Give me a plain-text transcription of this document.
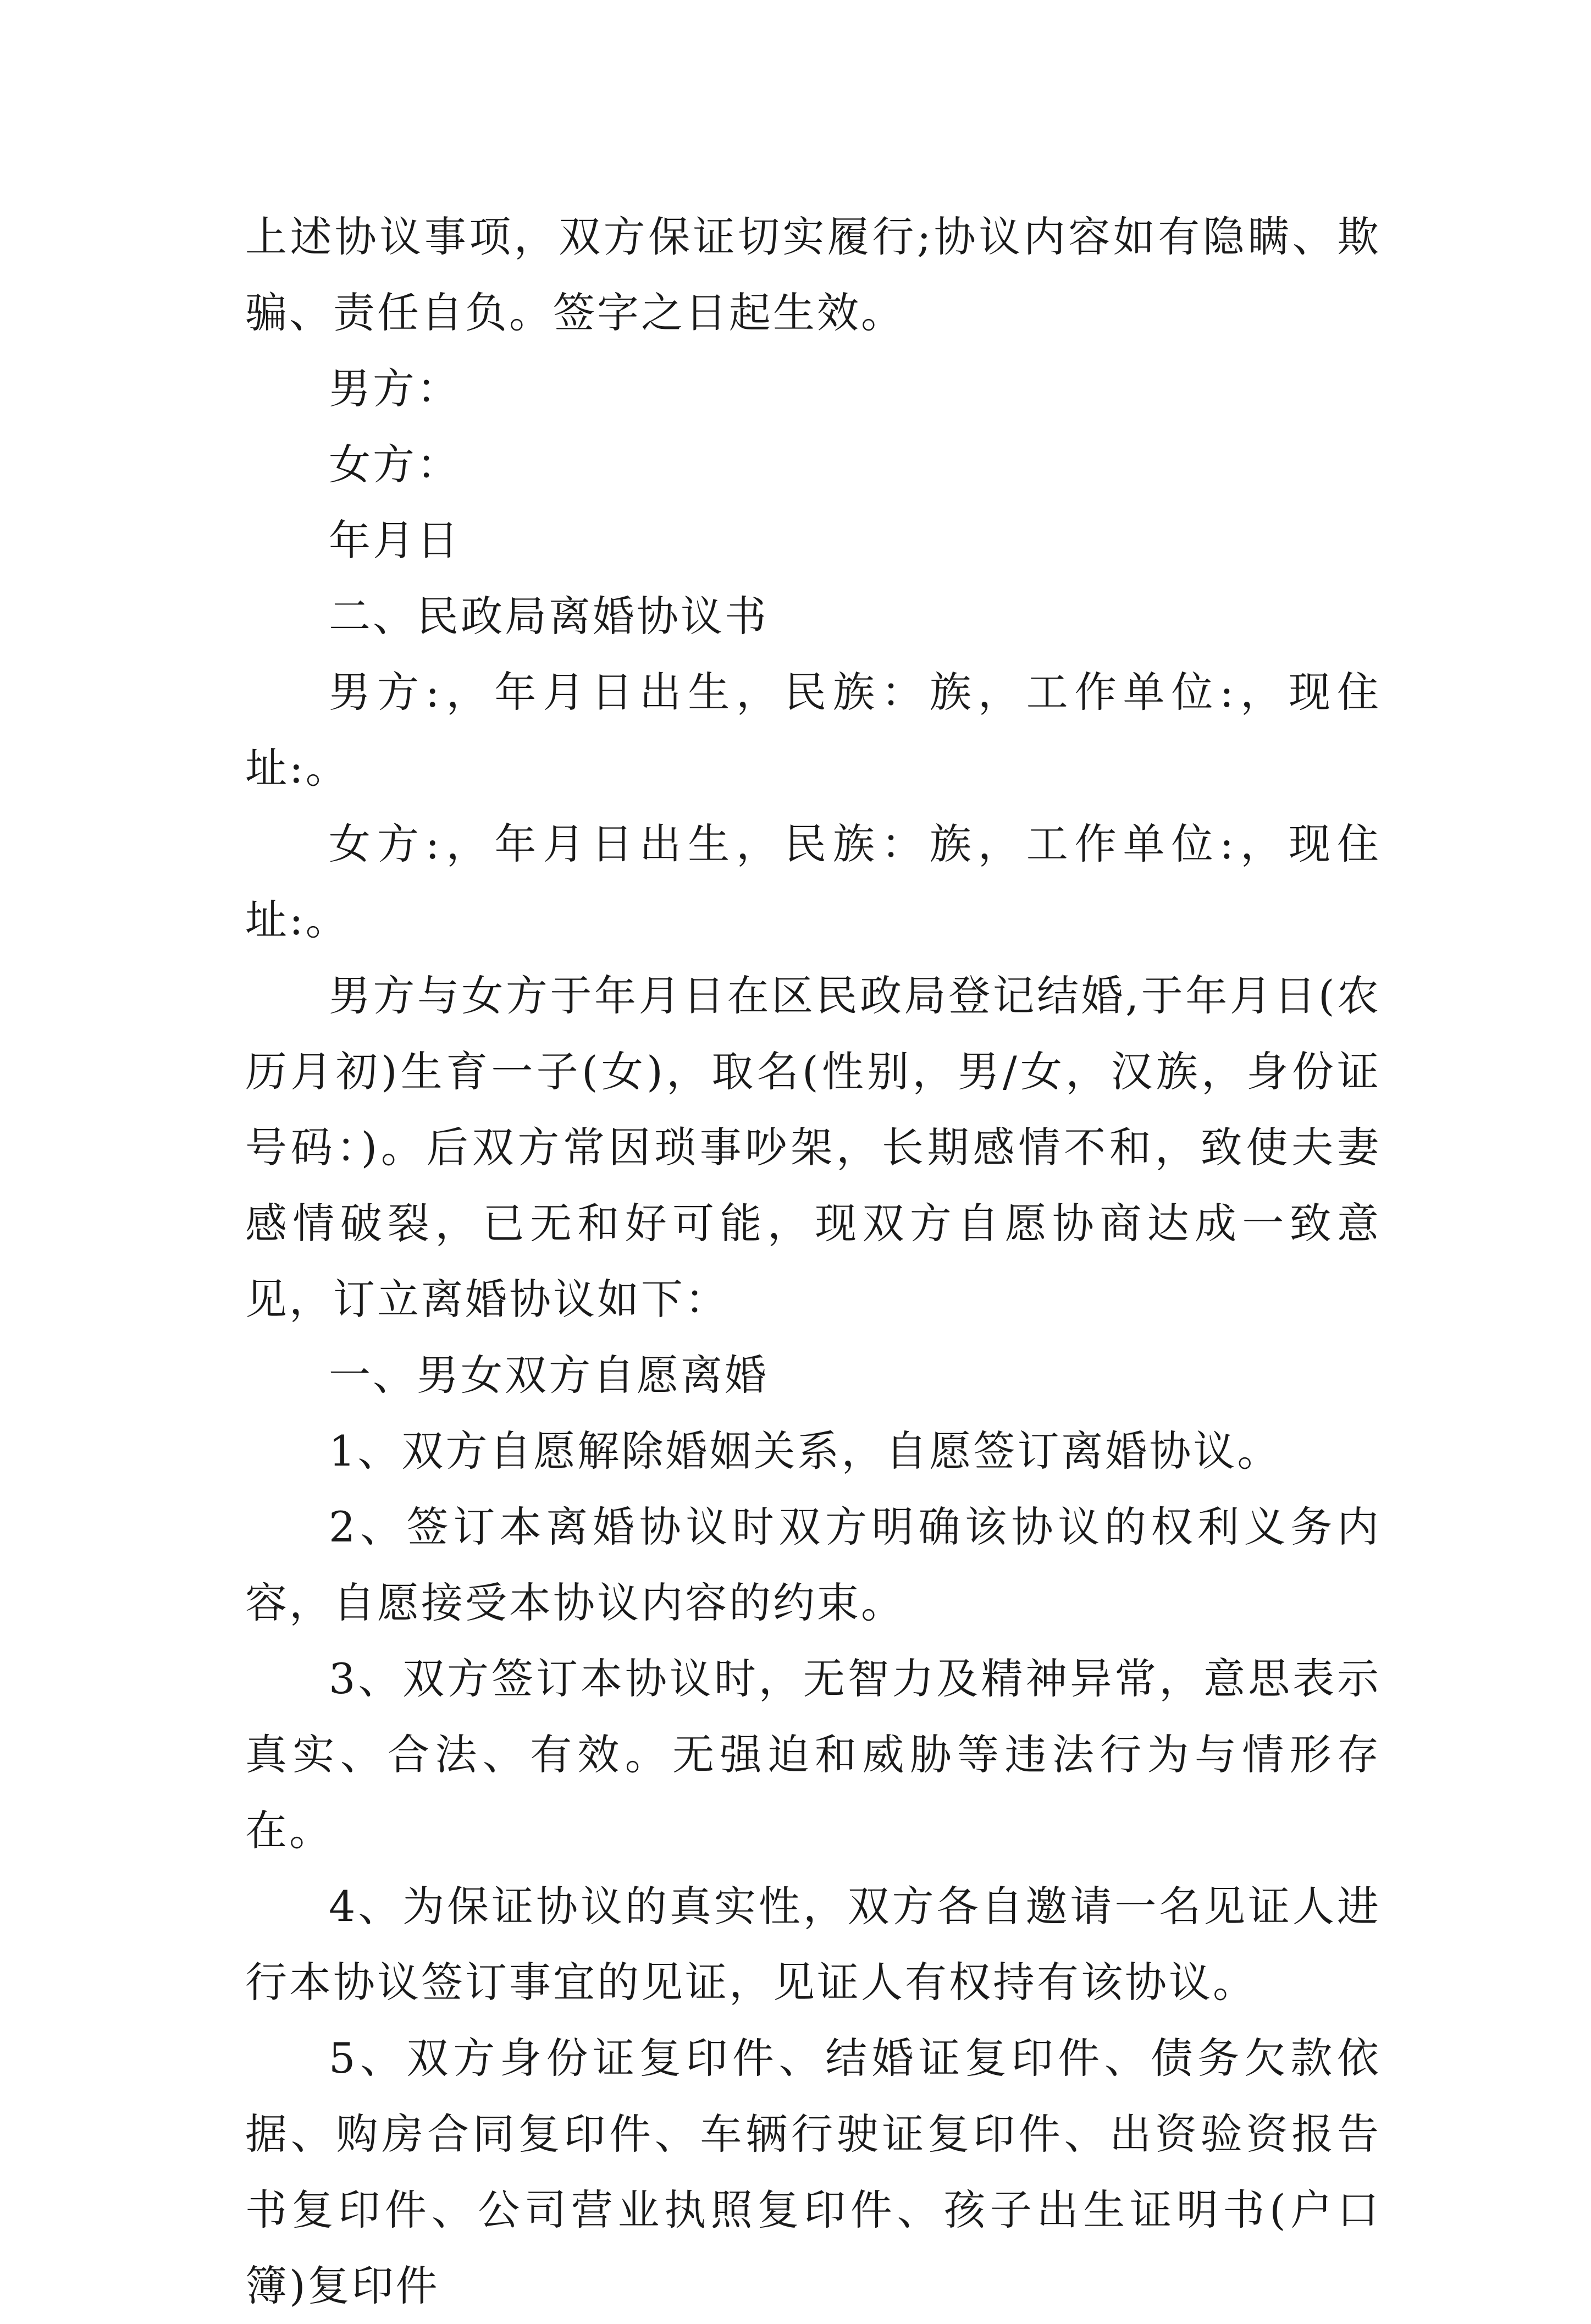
上述协议事项，双方保证切实履行;协议内容如有隐瞒、欺骗、责任自负。签字之日起生效。

男方：

女方：

年月日

二、民政局离婚协议书

男方:，年月日出生，民族：族，工作单位:，现住址:。

女方:，年月日出生，民族：族，工作单位:，现住址:。

男方与女方于年月日在区民政局登记结婚,于年月日(农历月初)生育一子(女)，取名(性别，男/女，汉族，身份证号码：)。后双方常因琐事吵架，长期感情不和，致使夫妻感情破裂，已无和好可能，现双方自愿协商达成一致意见，订立离婚协议如下：

一、男女双方自愿离婚

1、双方自愿解除婚姻关系，自愿签订离婚协议。

2、签订本离婚协议时双方明确该协议的权利义务内容，自愿接受本协议内容的约束。

3、双方签订本协议时，无智力及精神异常，意思表示真实、合法、有效。无强迫和威胁等违法行为与情形存在。

4、为保证协议的真实性，双方各自邀请一名见证人进行本协议签订事宜的见证，见证人有权持有该协议。

5、双方身份证复印件、结婚证复印件、债务欠款依据、购房合同复印件、车辆行驶证复印件、出资验资报告书复印件、公司营业执照复印件、孩子出生证明书(户口簿)复印件
